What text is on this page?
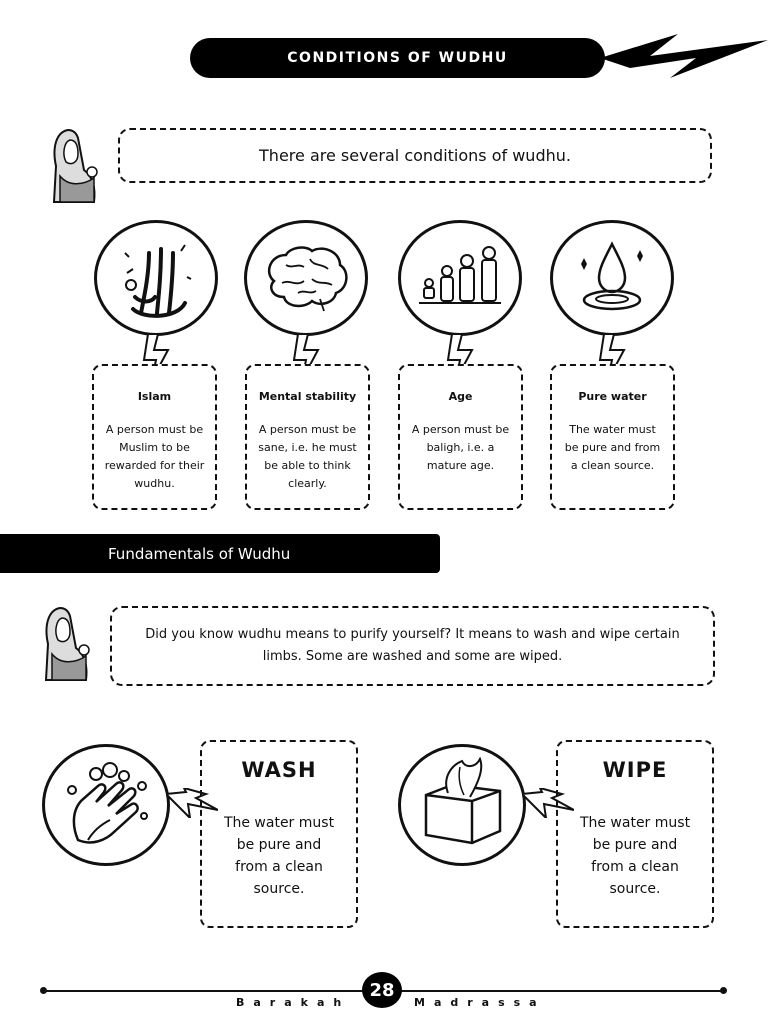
CONDITIONS OF WUDHU
There are several conditions of wudhu.
Islam
A person must be Muslim to be rewarded for their wudhu.
Mental stability
A person must be sane, i.e. he must be able to think clearly.
Age
A person must be baligh, i.e. a mature age.
Pure water
The water must be pure and from a clean source.
Fundamentals of Wudhu
Did you know wudhu means to purify yourself? It means to wash and wipe certain limbs. Some are washed and some are wiped.
WASH
The water must be pure and from a clean source.
WIPE
The water must be pure and from a clean source.
Barakah
28
Madrassa
